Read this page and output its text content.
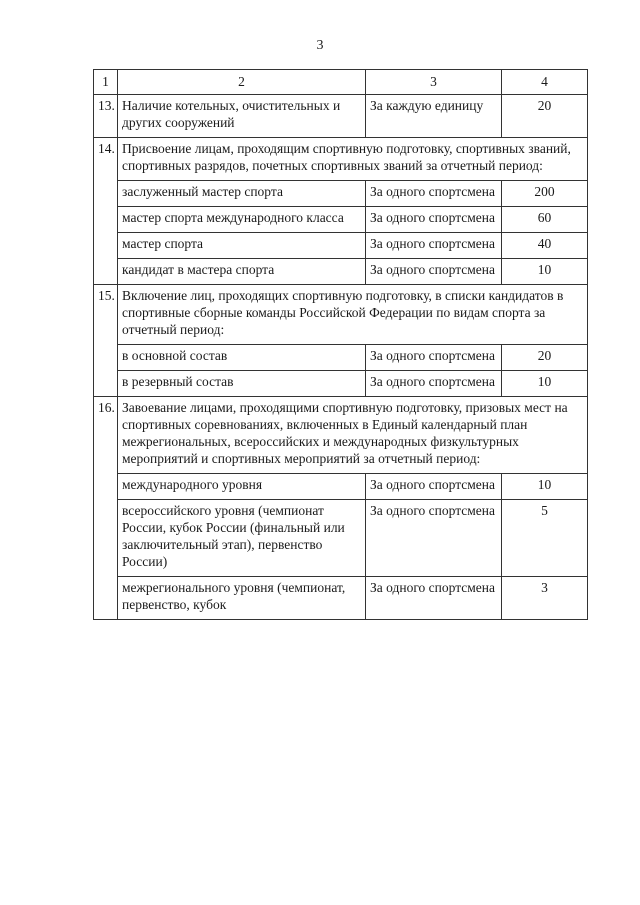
3
1	2	3	4
13.	Наличие котельных, очистительных и других сооружений	За каждую единицу	20
14.	Присвоение лицам, проходящим спортивную подготовку, спортивных званий, спортивных разрядов, почетных спортивных званий за отчетный период:		
	заслуженный мастер спорта	За одного спортсмена	200
	мастер спорта международного класса	За одного спортсмена	60
	мастер спорта	За одного спортсмена	40
	кандидат в мастера спорта	За одного спортсмена	10
15.	Включение лиц, проходящих спортивную подготовку, в списки кандидатов в спортивные сборные команды Российской Федерации по видам спорта за отчетный период:		
	в основной состав	За одного спортсмена	20
	в резервный состав	За одного спортсмена	10
16.	Завоевание лицами, проходящими спортивную подготовку, призовых мест на спортивных соревнованиях, включенных в Единый календарный план межрегиональных, всероссийских и международных физкультурных мероприятий и спортивных мероприятий за отчетный период:		
	международного уровня	За одного спортсмена	10
	всероссийского уровня (чемпионат России, кубок России (финальный или заключительный этап), первенство России)	За одного спортсмена	5
	межрегионального уровня (чемпионат, первенство, кубок	За одного спортсмена	3
